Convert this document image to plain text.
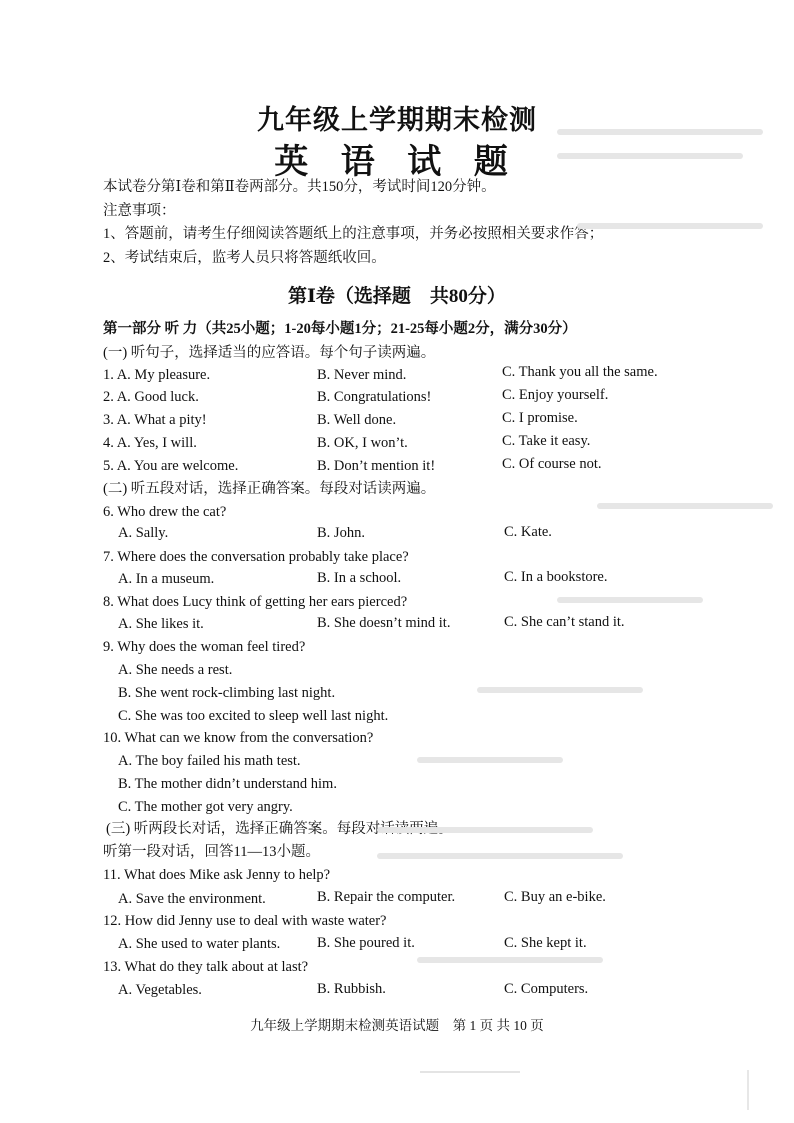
九年级上学期期末检测
英 语 试 题
本试卷分第Ⅰ卷和第Ⅱ卷两部分。共150分，考试时间120分钟。
注意事项：
1、答题前，请考生仔细阅读答题纸上的注意事项，并务必按照相关要求作答；
2、考试结束后，监考人员只将答题纸收回。
第Ⅰ卷（选择题　共80分）
第一部分 听 力（共25小题；1-20每小题1分；21-25每小题2分，满分30分）
(一) 听句子，选择适当的应答语。每个句子读两遍。
1. A. My pleasure.	B. Never mind.	C. Thank you all the same.
2. A. Good luck.	B. Congratulations!	C. Enjoy yourself.
3. A. What a pity!	B. Well done.	C. I promise.
4. A. Yes, I will.	B. OK, I won’t.	C. Take it easy.
5. A. You are welcome.	B. Don’t mention it!	C. Of course not.
(二) 听五段对话，选择正确答案。每段对话读两遍。
6. Who drew the cat?
A. Sally.	B. John.	C. Kate.
7. Where does the conversation probably take place?
A. In a museum.	B. In a school.	C. In a bookstore.
8. What does Lucy think of getting her ears pierced?
A. She likes it.	B. She doesn’t mind it.	C. She can’t stand it.
9. Why does the woman feel tired?
A. She needs a rest.
B. She went rock-climbing last night.
C. She was too excited to sleep well last night.
10. What can we know from the conversation?
A. The boy failed his math test.
B. The mother didn’t understand him.
C. The mother got very angry.
(三) 听两段长对话，选择正确答案。每段对话读两遍。
听第一段对话，回答11—13小题。
11. What does Mike ask Jenny to help?
A. Save the environment.	B. Repair the computer.	C. Buy an e-bike.
12. How did Jenny use to deal with waste water?
A. She used to water plants.	B. She poured it.	C. She kept it.
13. What do they talk about at last?
A. Vegetables.	B. Rubbish.	C. Computers.
九年级上学期期末检测英语试题　第 1 页 共 10 页
